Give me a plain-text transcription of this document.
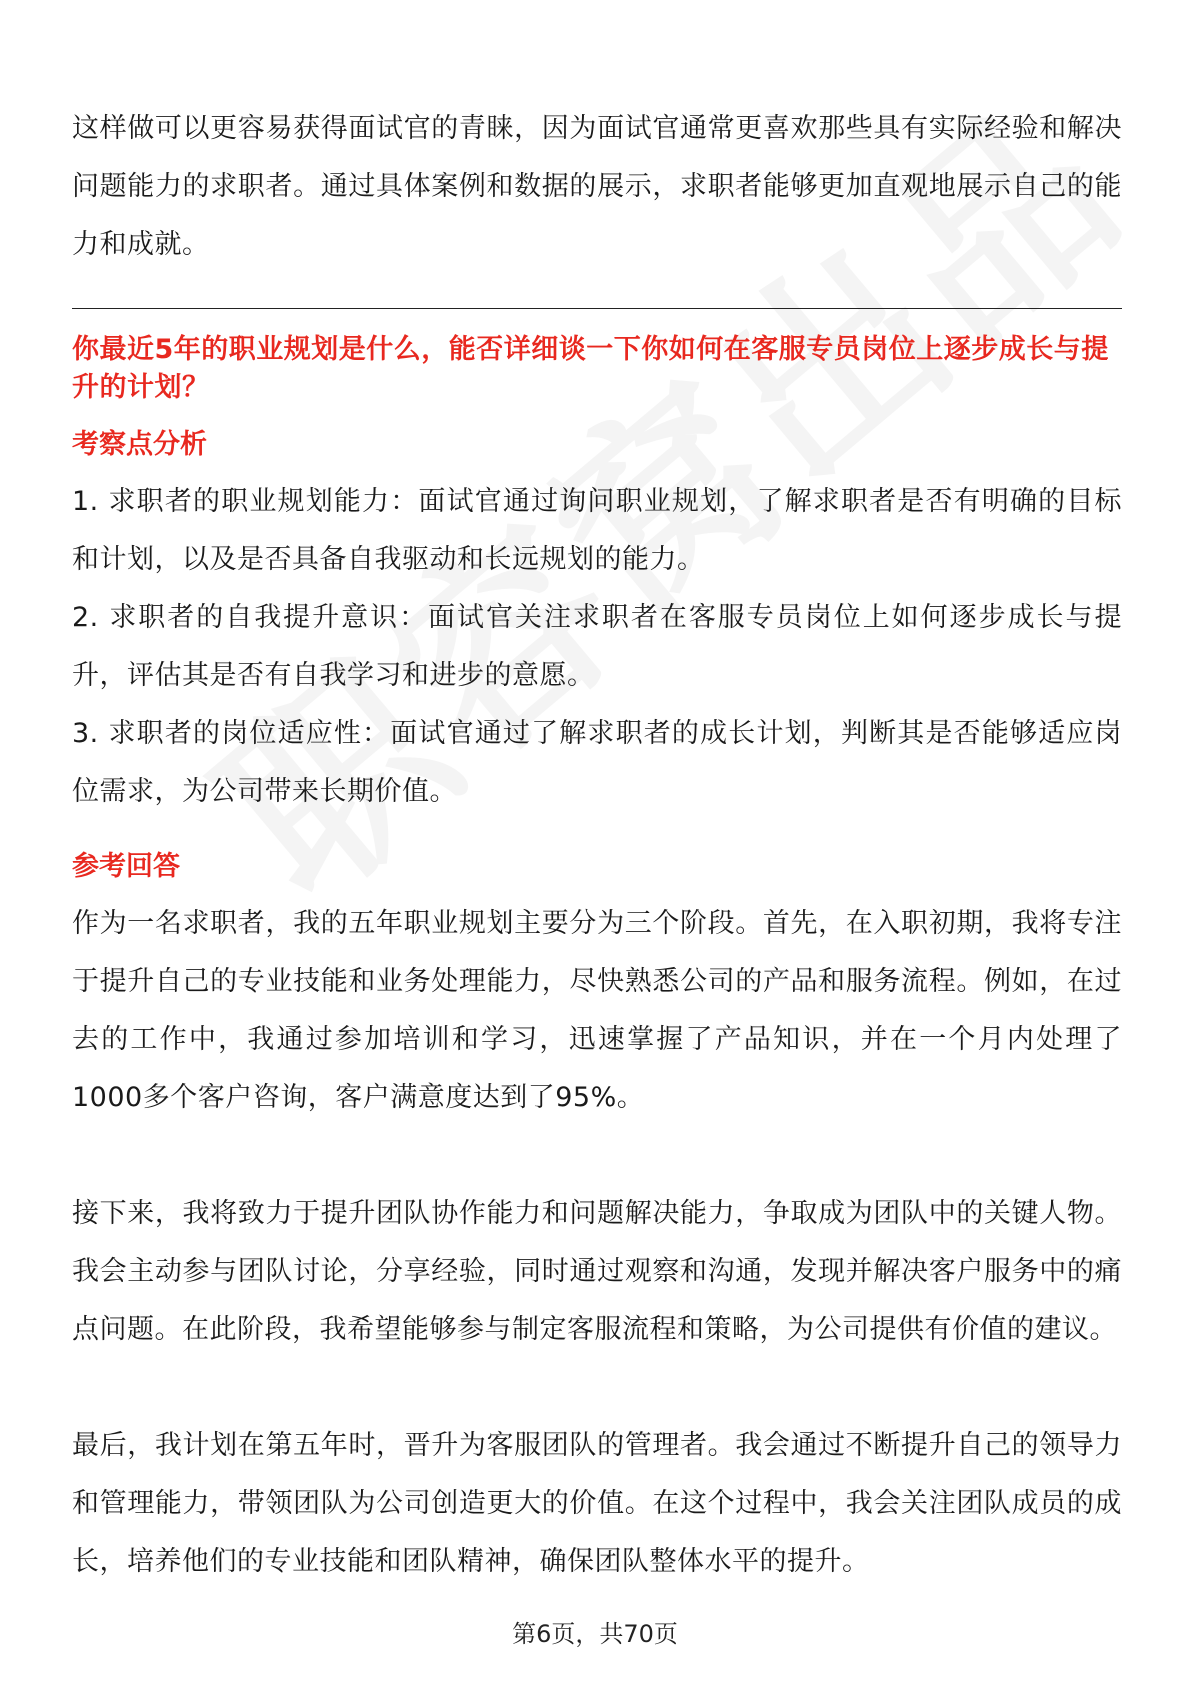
这样做可以更容易获得面试官的青睐，因为面试官通常更喜欢那些具有实际经验和解决问题能力的求职者。通过具体案例和数据的展示，求职者能够更加直观地展示自己的能力和成就。

你最近5年的职业规划是什么，能否详细谈一下你如何在客服专员岗位上逐步成长与提升的计划？

考察点分析
1. 求职者的职业规划能力：面试官通过询问职业规划，了解求职者是否有明确的目标和计划，以及是否具备自我驱动和长远规划的能力。
2. 求职者的自我提升意识：面试官关注求职者在客服专员岗位上如何逐步成长与提升，评估其是否有自我学习和进步的意愿。
3. 求职者的岗位适应性：面试官通过了解求职者的成长计划，判断其是否能够适应岗位需求，为公司带来长期价值。
参考回答

作为一名求职者，我的五年职业规划主要分为三个阶段。首先，在入职初期，我将专注于提升自己的专业技能和业务处理能力，尽快熟悉公司的产品和服务流程。例如，在过去的工作中，我通过参加培训和学习，迅速掌握了产品知识，并在一个月内处理了1000多个客户咨询，客户满意度达到了95%。

接下来，我将致力于提升团队协作能力和问题解决能力，争取成为团队中的关键人物。我会主动参与团队讨论，分享经验，同时通过观察和沟通，发现并解决客户服务中的痛点问题。在此阶段，我希望能够参与制定客服流程和策略，为公司提供有价值的建议。

最后，我计划在第五年时，晋升为客服团队的管理者。我会通过不断提升自己的领导力和管理能力，带领团队为公司创造更大的价值。在这个过程中，我会关注团队成员的成长，培养他们的专业技能和团队精神，确保团队整体水平的提升。

第6页，共70页
